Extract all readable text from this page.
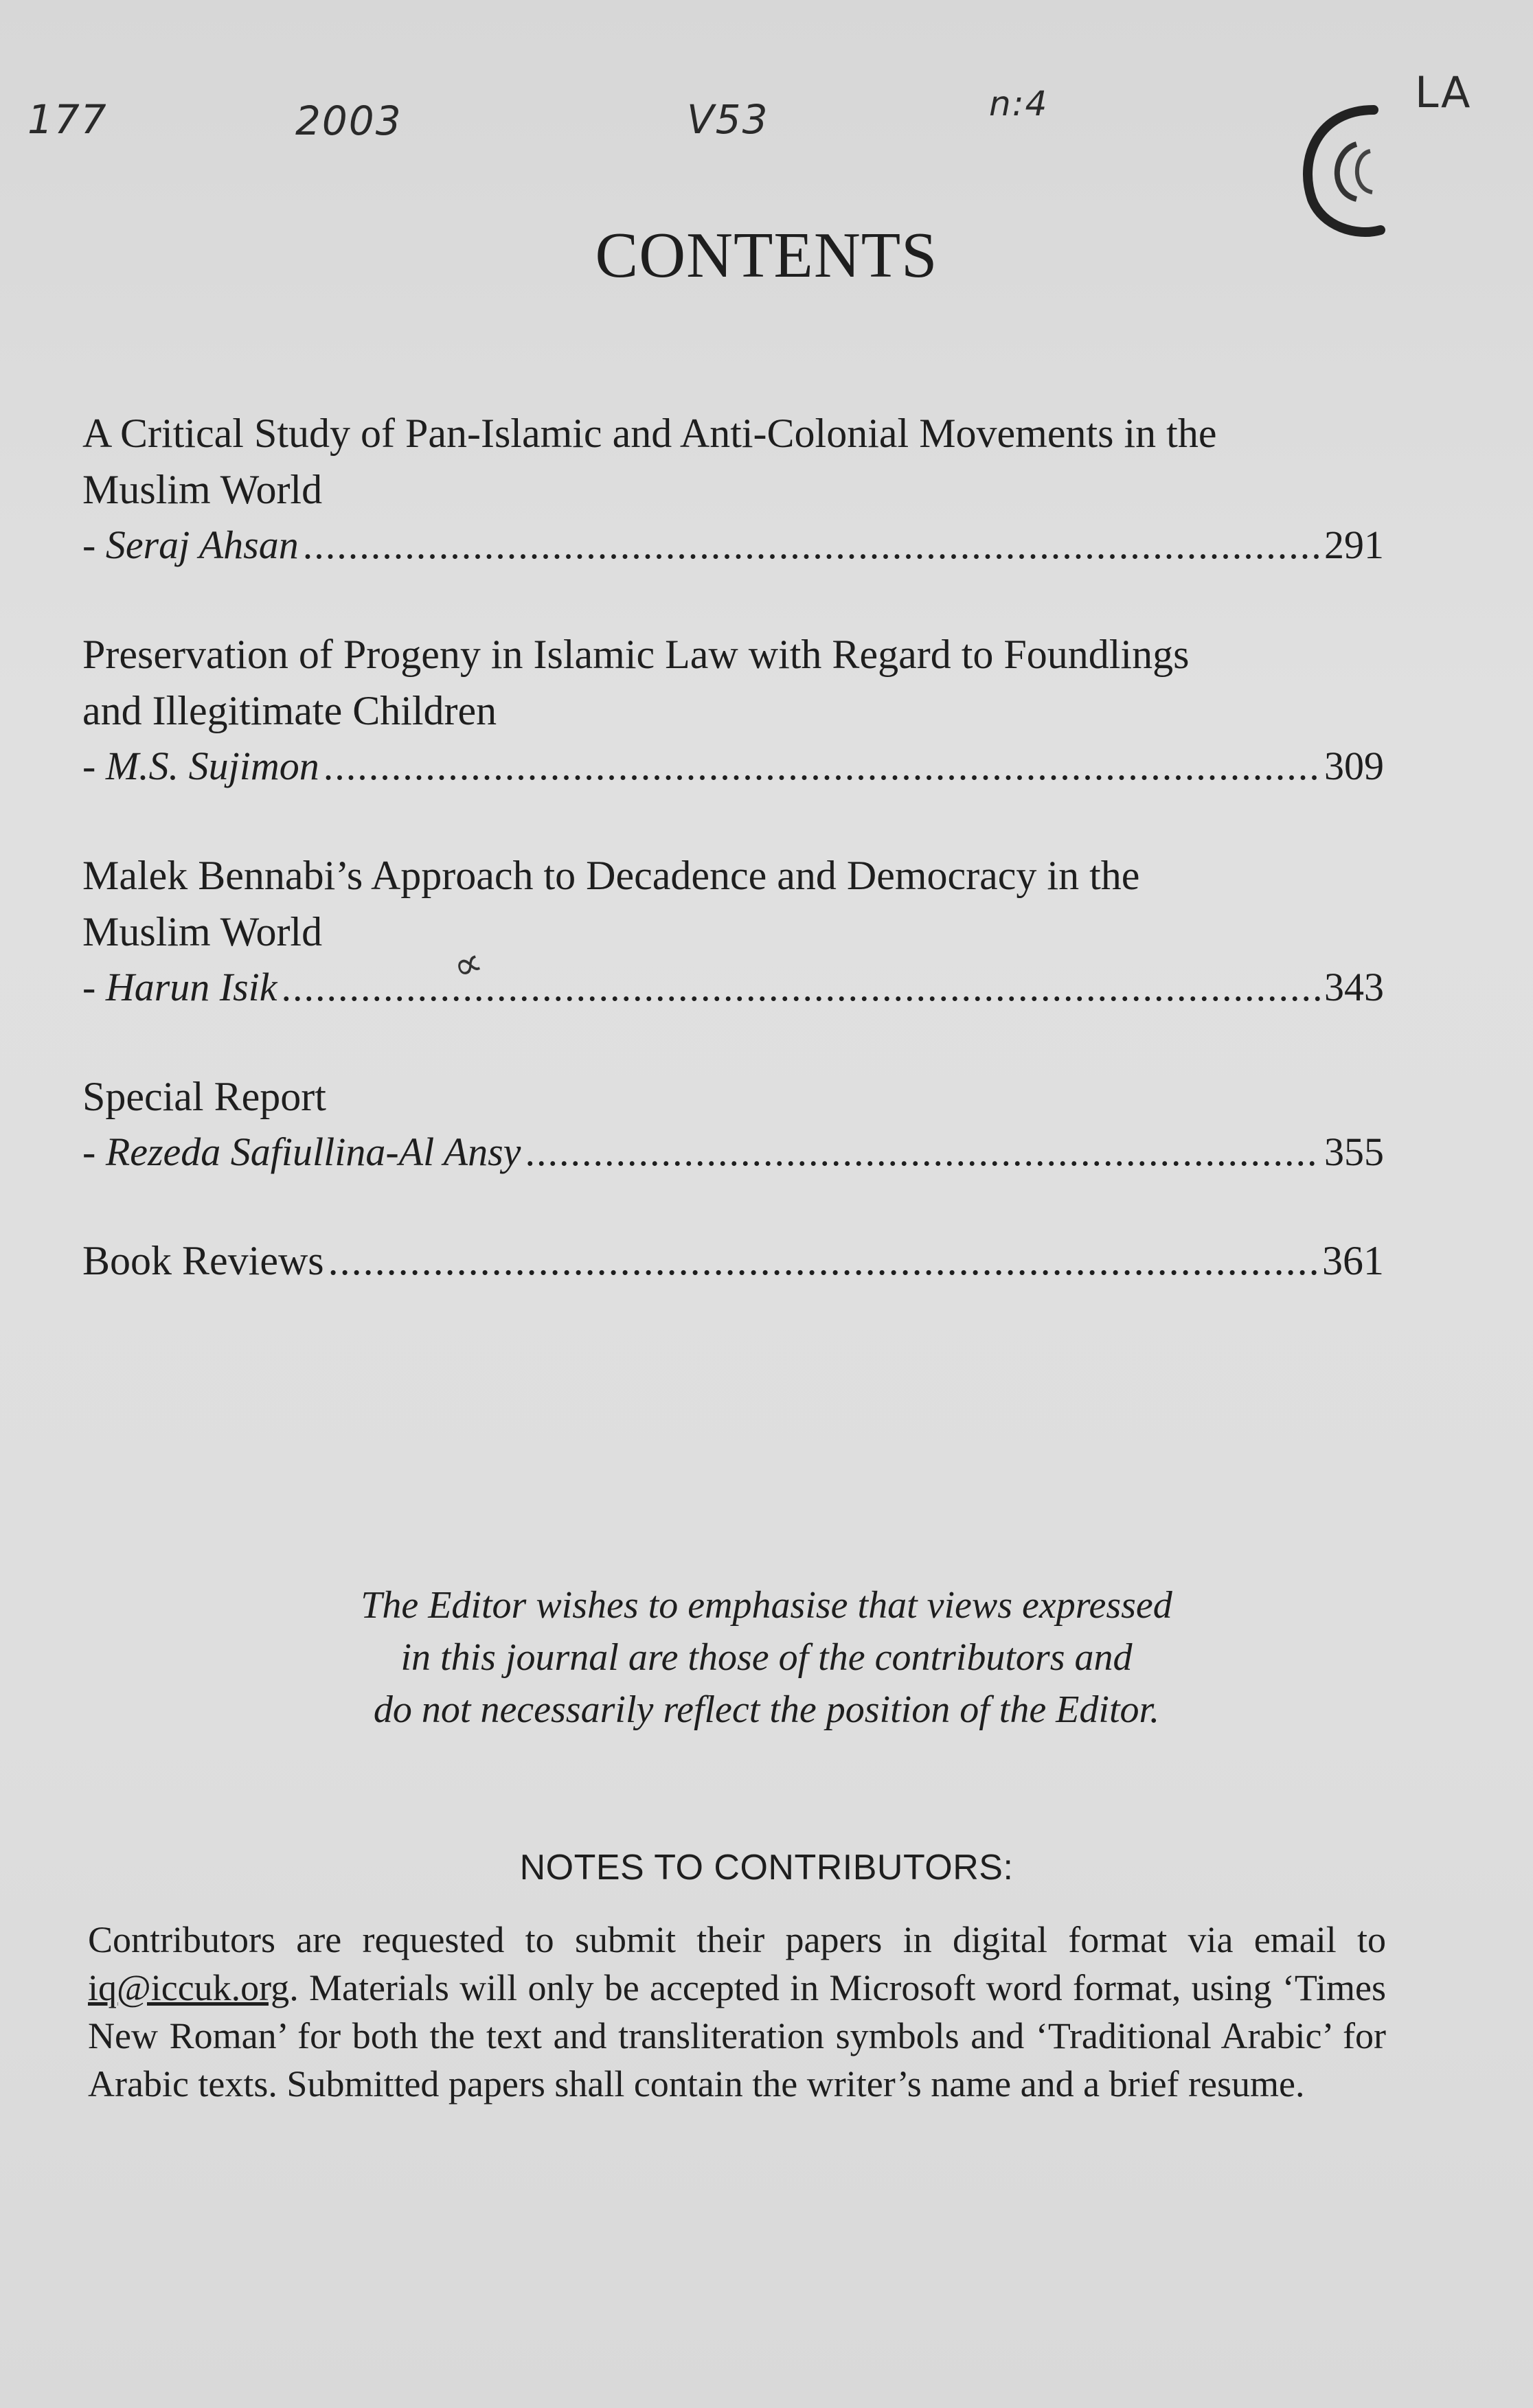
177	2003	V53	n:4	LA
CONTENTS
A Critical Study of Pan-Islamic and Anti-Colonial Movements in the
Muslim World
- Seraj Ahsan .....	291
Preservation of Progeny in Islamic Law with Regard to Foundlings
and Illegitimate Children
- M.S. Sujimon .....	309
Malek Bennabi’s Approach to Decadence and Democracy in the
Muslim World
- Harun Isik .....	343
Special Report
- Rezeda Safiullina-Al Ansy .....	355
Book Reviews .....	361
∝
The Editor wishes to emphasise that views expressed
in this journal are those of the contributors and
do not necessarily reflect the position of the Editor.
NOTES TO CONTRIBUTORS:
Contributors are requested to submit their papers in digital format via email to iq@iccuk.org. Materials will only be accepted in Microsoft word format, using ‘Times New Roman’ for both the text and transliteration symbols and ‘Traditional Arabic’ for Arabic texts. Submitted papers shall contain the writer’s name and a brief resume.
